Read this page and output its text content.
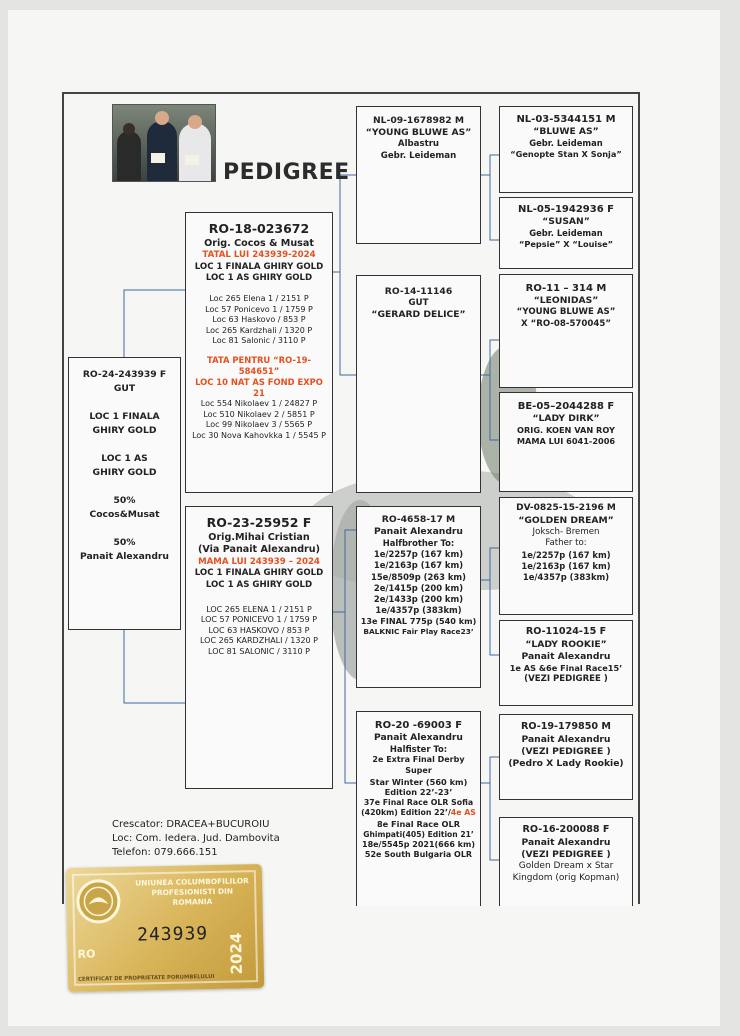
PEDIGREE
RO-24-243939 F
GUT

LOC 1 FINALA
GHIRY GOLD

LOC 1 AS
GHIRY GOLD

50%
Cocos&Musat

50%
Panait Alexandru
RO-18-023672
Orig. Cocos & Musat
TATAL LUI 243939-2024
LOC 1 FINALA GHIRY GOLD
LOC 1 AS GHIRY GOLD
Loc 265 Elena 1 / 2151 P
Loc 57 Ponicevo 1 / 1759 P
Loc 63 Haskovo / 853 P
Loc 265 Kardzhali / 1320 P
Loc 81 Salonic / 3110 P
TATA PENTRU “RO-19-584651”
LOC 10 NAT AS FOND EXPO 21
Loc 554 Nikolaev 1 / 24827 P
Loc 510 Nikolaev 2 / 5851 P
Loc 99 Nikolaev 3 / 5565 P
Loc 30 Nova Kahovkka 1 / 5545 P
RO-23-25952 F
Orig.Mihai Cristian
(Via Panait Alexandru)
MAMA LUI 243939 – 2024
LOC 1 FINALA GHIRY GOLD
LOC 1 AS GHIRY GOLD
LOC 265 ELENA 1 / 2151 P
LOC 57 PONICEVO 1 / 1759 P
LOC 63 HASKOVO / 853 P
LOC 265 KARDZHALI / 1320 P
LOC 81 SALONIC / 3110 P
NL-09-1678982 M
“YOUNG BLUWE AS”
Albastru
Gebr. Leideman
RO-14-11146
GUT
“GERARD DELICE”
RO-4658-17 M
Panait Alexandru
Halfbrother To:
1e/2257p (167 km)
1e/2163p (167 km)
15e/8509p (263 km)
2e/1415p (200 km)
2e/1433p (200 km)
1e/4357p (383km)
13e FINAL 775p (540 km)
BALKNIC Fair Play Race23’
RO-20 -69003 F
Panait Alexandru
Halfister To:
2e Extra Final Derby Super
Star Winter (560 km)
Edition 22’-23’
37e Final Race OLR Sofia
(420km) Edition 22’/4e AS
8e Final Race OLR
Ghimpati(405) Edition 21’
18e/5545p 2021(666 km)
52e South Bulgaria OLR
NL-03-5344151 M
“BLUWE AS”
Gebr. Leideman
“Genopte Stan X Sonja”
NL-05-1942936 F
“SUSAN”
Gebr. Leideman
“Pepsie” X “Louise”
RO-11 – 314 M
“LEONIDAS”
“YOUNG BLUWE AS”
X “RO-08-570045”
BE-05–2044288 F
“LADY DIRK”
ORIG. KOEN VAN ROY
MAMA LUI 6041-2006
DV-0825-15-2196 M
“GOLDEN DREAM”
Joksch- Bremen
Father to:
1e/2257p (167 km)
1e/2163p (167 km)
1e/4357p (383km)
RO-11024-15 F
“LADY ROOKIE”
Panait Alexandru
1e AS &6e Final Race15’
(VEZI PEDIGREE )
RO-19-179850 M
Panait Alexandru
(VEZI PEDIGREE )
(Pedro X Lady Rookie)
RO-16-200088 F
Panait Alexandru
(VEZI PEDIGREE )
Golden Dream x Star
Kingdom (orig Kopman)
Crescator: DRACEA+BUCUROIU
Loc: Com. Iedera. Jud. Dambovita
Telefon: 079.666.151
UNIUNEA COLUMBOFILILOR
PROFESIONISTI DIN ROMANIA
243939
RO	2024
CERTIFICAT DE PROPRIETATE PORUMBELULUI
